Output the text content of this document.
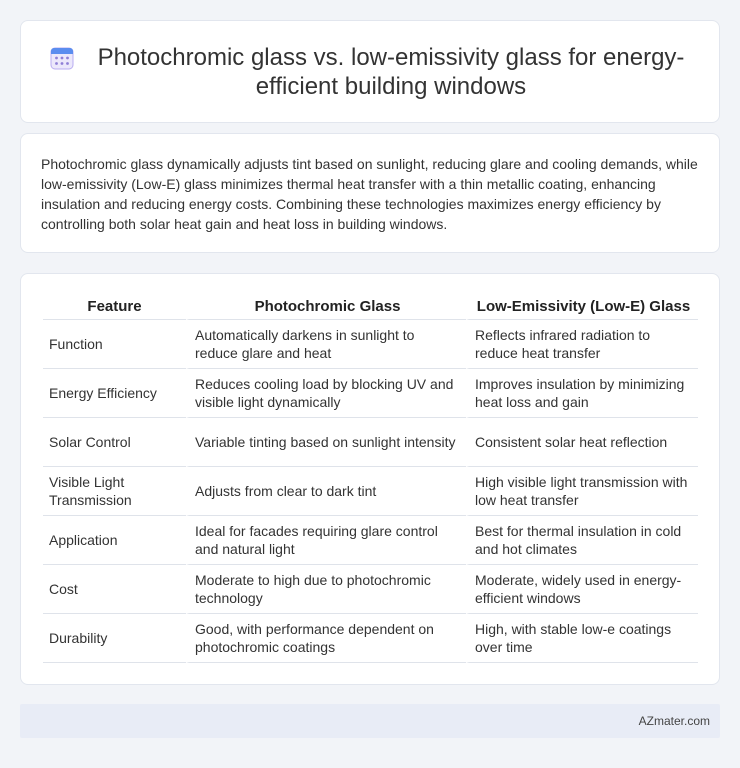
Photochromic glass vs. low-emissivity glass for energy-efficient building windows

Photochromic glass dynamically adjusts tint based on sunlight, reducing glare and cooling demands, while low-emissivity (Low-E) glass minimizes thermal heat transfer with a thin metallic coating, enhancing insulation and reducing energy costs. Combining these technologies maximizes energy efficiency by controlling both solar heat gain and heat loss in building windows.

Feature	Photochromic Glass	Low-Emissivity (Low-E) Glass
Function	Automatically darkens in sunlight to reduce glare and heat	Reflects infrared radiation to reduce heat transfer
Energy Efficiency	Reduces cooling load by blocking UV and visible light dynamically	Improves insulation by minimizing heat loss and gain
Solar Control	Variable tinting based on sunlight intensity	Consistent solar heat reflection
Visible Light Transmission	Adjusts from clear to dark tint	High visible light transmission with low heat transfer
Application	Ideal for facades requiring glare control and natural light	Best for thermal insulation in cold and hot climates
Cost	Moderate to high due to photochromic technology	Moderate, widely used in energy-efficient windows
Durability	Good, with performance dependent on photochromic coatings	High, with stable low-e coatings over time
AZmater.com
